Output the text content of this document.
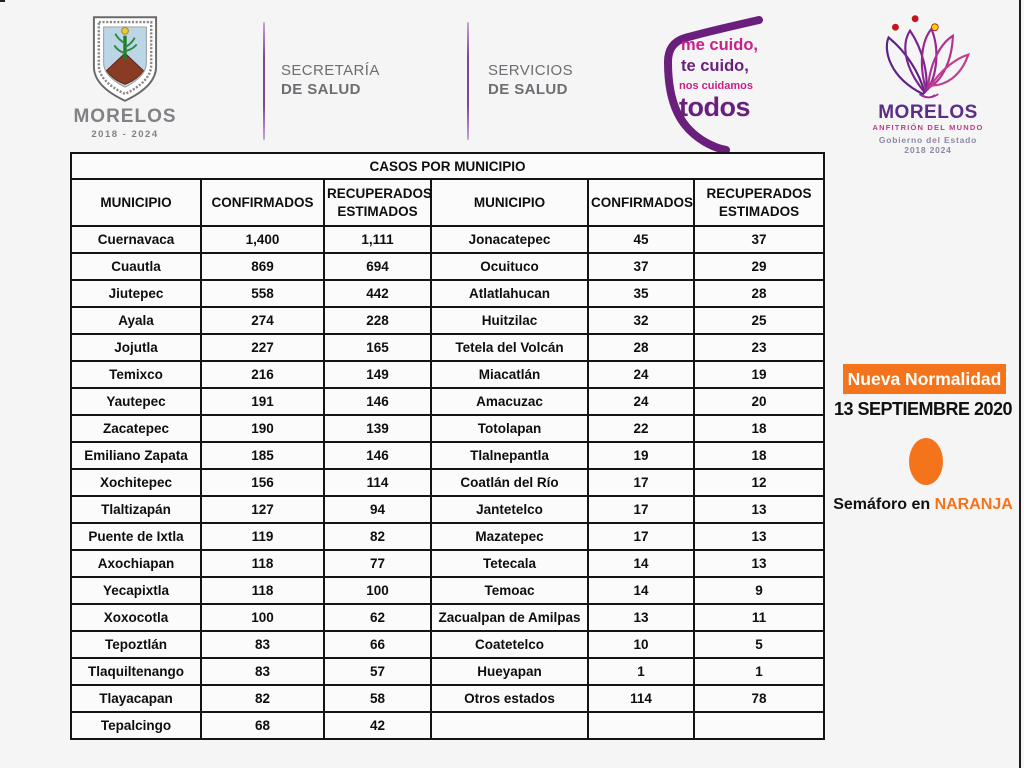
MORELOS
2018 - 2024
SECRETARÍA
DE SALUD
SERVICIOS
DE SALUD
me cuido,
te cuido,
nos cuidamos
todos	MORELOS
ANFITRIÓN DEL MUNDO
Gobierno del Estado
2018 2024
CASOS POR MUNICIPIO					
MUNICIPIO	CONFIRMADOS	RECUPERADOS ESTIMADOS	MUNICIPIO	CONFIRMADOS	RECUPERADOS ESTIMADOS
Cuernavaca	1,400	1,111	Jonacatepec	45	37
Cuautla	869	694	Ocuituco	37	29
Jiutepec	558	442	Atlatlahucan	35	28
Ayala	274	228	Huitzilac	32	25
Jojutla	227	165	Tetela del Volcán	28	23
Temixco	216	149	Miacatlán	24	19
Yautepec	191	146	Amacuzac	24	20
Zacatepec	190	139	Totolapan	22	18
Emiliano Zapata	185	146	Tlalnepantla	19	18
Xochitepec	156	114	Coatlán del Río	17	12
Tlaltizapán	127	94	Jantetelco	17	13
Puente de Ixtla	119	82	Mazatepec	17	13
Axochiapan	118	77	Tetecala	14	13
Yecapixtla	118	100	Temoac	14	9
Xoxocotla	100	62	Zacualpan de Amilpas	13	11
Tepoztlán	83	66	Coatetelco	10	5
Tlaquiltenango	83	57	Hueyapan	1	1
Tlayacapan	82	58	Otros estados	114	78
Tepalcingo	68	42			
Nueva Normalidad
13 SEPTIEMBRE 2020
Semáforo en NARANJA
